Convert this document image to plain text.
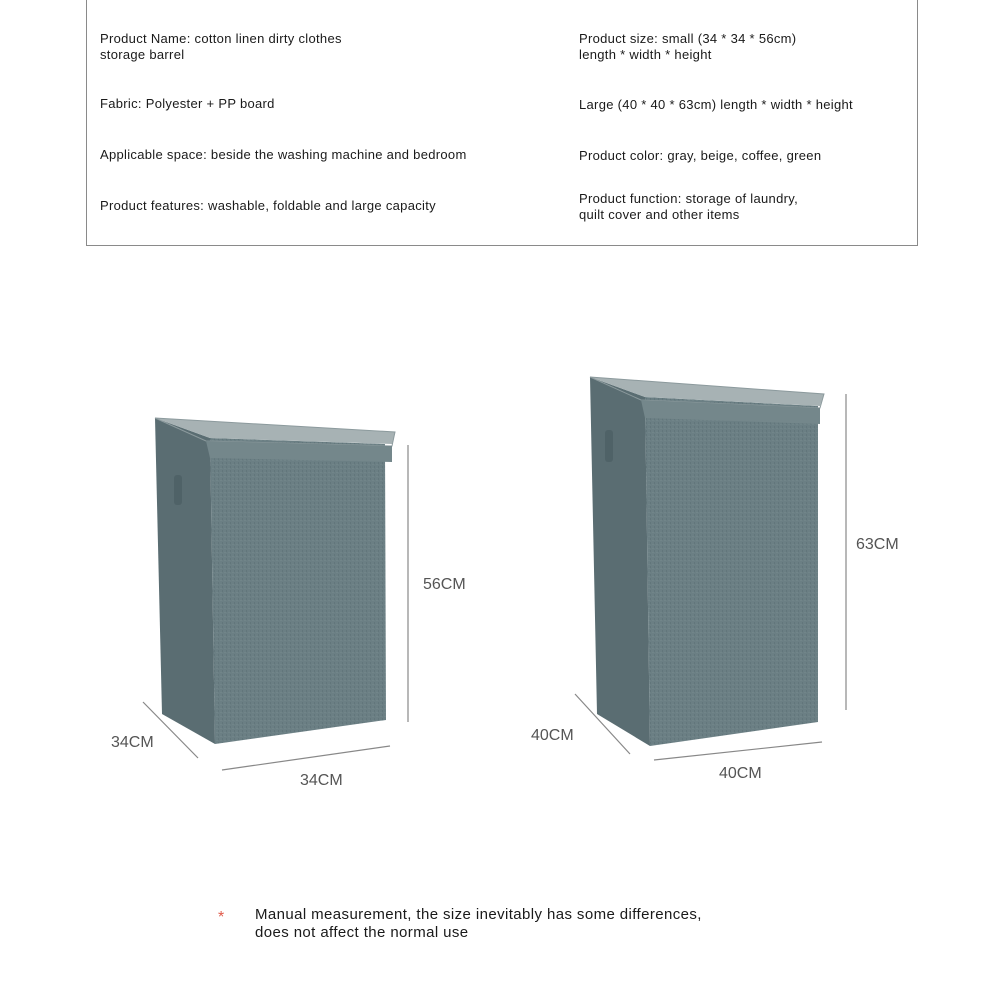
Product Name: cotton linen dirty clothes
storage barrel
Fabric: Polyester + PP board
Applicable space: beside the washing machine and bedroom
Product features: washable, foldable and large capacity
Product size: small (34 * 34 * 56cm)
length * width * height
Large (40 * 40 * 63cm) length * width * height
Product color: gray, beige, coffee, green
Product function: storage of laundry,
quilt cover and other items
56CM
34CM
34CM
63CM
40CM
40CM
* Manual measurement, the size inevitably has some differences,
does not affect the normal use
